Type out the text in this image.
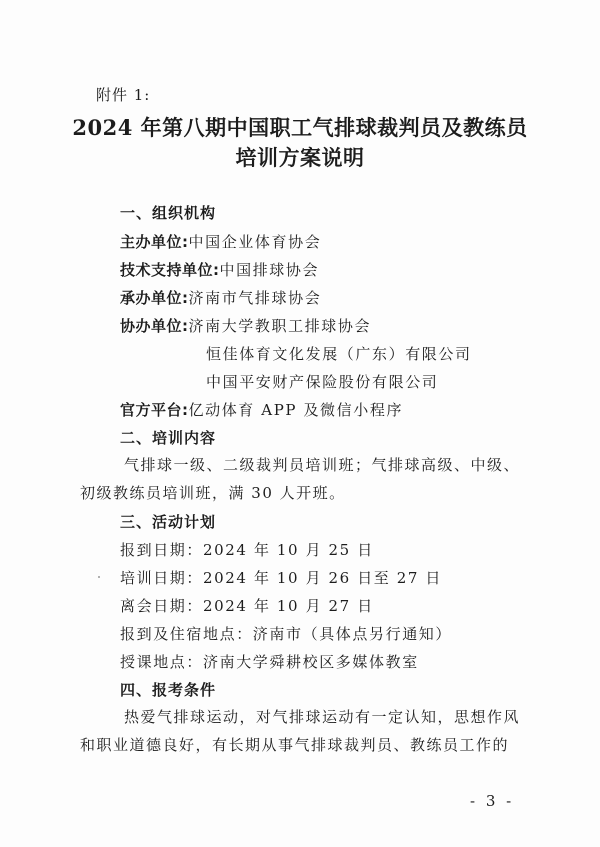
附件 1:
2024 年第八期中国职工气排球裁判员及教练员
培训方案说明
一、组织机构
主办单位:中国企业体育协会
技术支持单位:中国排球协会
承办单位:济南市气排球协会
协办单位:济南大学教职工排球协会
恒佳体育文化发展（广东）有限公司
中国平安财产保险股份有限公司
官方平台:亿动体育 APP 及微信小程序
二、培训内容
气排球一级、二级裁判员培训班；气排球高级、中级、初级教练员培训班，满 30 人开班。
三、活动计划
报到日期：2024 年 10 月 25 日
培训日期：2024 年 10 月 26 日至 27 日
离会日期：2024 年 10 月 27 日
报到及住宿地点：济南市（具体点另行通知）
授课地点：济南大学舜耕校区多媒体教室
四、报考条件
热爱气排球运动，对气排球运动有一定认知，思想作风和职业道德良好，有长期从事气排球裁判员、教练员工作的
- 3 -
